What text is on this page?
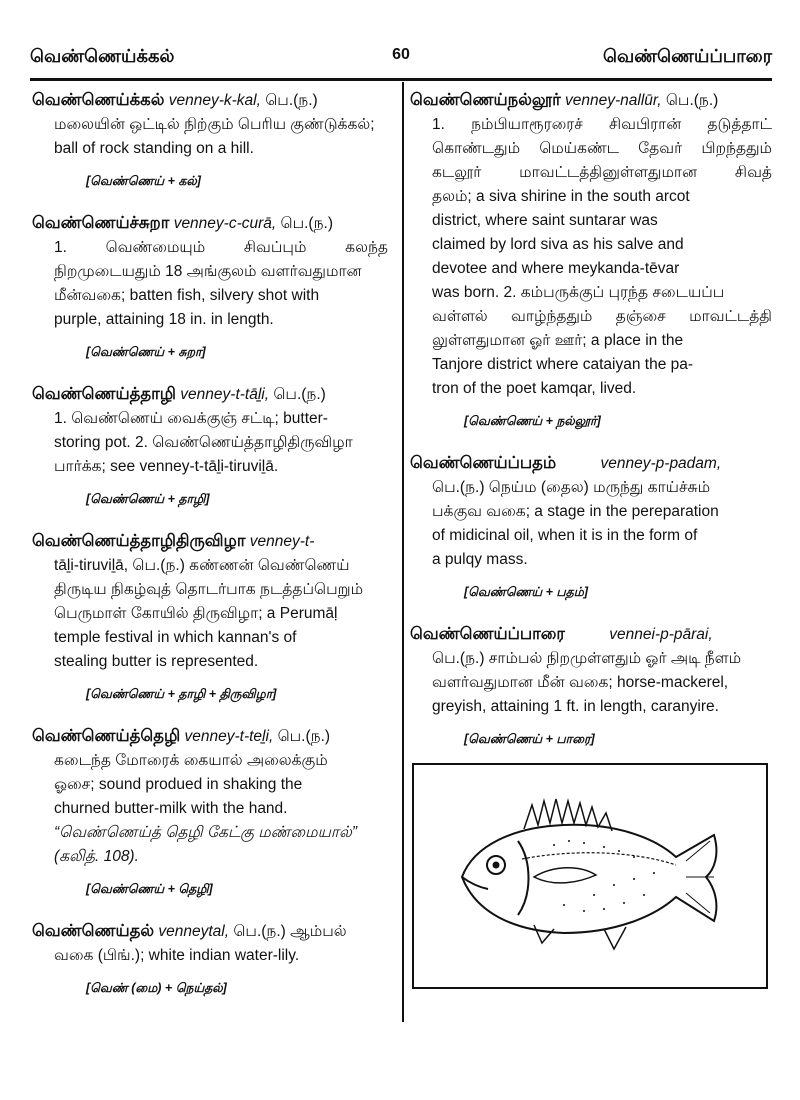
வெண்ணெய்க்கல்	60	வெண்ணெய்ப்பாரை
வெண்ணெய்க்கல் venney-k-kal, பெ.(ந.)
மலையின் ஒட்டில் நிற்கும் பெரிய குண்டுக்கல்;
ball of rock standing on a hill.
[வெண்ணெய் + கல்]
வெண்ணெய்ச்சுறா venney-c-curā, பெ.(ந.)
1. வெண்மையும் சிவப்பும் கலந்த
நிறமுடையதும் 18 அங்குலம் வளர்வதுமான
மீன்வகை; batten fish, silvery shot with
purple, attaining 18 in. in length.
[வெண்ணெய் + சுறா]
வெண்ணெய்த்தாழி venney-t-tāḻi, பெ.(ந.)
1. வெண்ணெய் வைக்குஞ் சட்டி; butter-
storing pot. 2. வெண்ணெய்த்தாழிதிருவிழா
பார்க்க; see venney-t-tāḻi-tiruviḻā.
[வெண்ணெய் + தாழி]
வெண்ணெய்த்தாழிதிருவிழா venney-t-
tāḻi-tiruviḻā, பெ.(ந.) கண்ணன் வெண்ணெய்
திருடிய நிகழ்வுத் தொடர்பாக நடத்தப்பெறும்
பெருமாள் கோயில் திருவிழா; a Perumāḷ
temple festival in which kannan's of
stealing butter is represented.
[வெண்ணெய் + தாழி + திருவிழா]
வெண்ணெய்த்தெழி venney-t-teḻi, பெ.(ந.)
கடைந்த மோரைக் கையால் அலைக்கும்
ஓசை; sound produed in shaking the
churned butter-milk with the hand.
“வெண்ணெய்த் தெழி கேட்கு மண்மையால்”
(கலித். 108).
[வெண்ணெய் + தெழி]
வெண்ணெய்தல் venneytal, பெ.(ந.) ஆம்பல்
வகை (பிங்.); white indian water-lily.
[வெண் (மை) + நெய்தல்]
வெண்ணெய்நல்லூர் venney-nallūr, பெ.(ந.)
1. நம்பியாரூரரைச் சிவபிரான் தடுத்தாட்
கொண்டதும் மெய்கண்ட தேவர் பிறந்ததும்
கடலூர் மாவட்டத்தினுள்ளதுமான சிவத்
தலம்; a siva shirine in the south arcot
district, where saint suntarar was
claimed by lord siva as his salve and
devotee and where meykanda-tēvar
was born. 2. கம்பருக்குப் புரந்த சடையப்ப
வள்ளல் வாழ்ந்ததும் தஞ்சை மாவட்டத்தி
லுள்ளதுமான ஓர் ஊர்; a place in the
Tanjore district where cataiyan the pa-
tron of the poet kamqar, lived.
[வெண்ணெய் + நல்லூர்]
வெண்ணெய்ப்பதம்	venney-p-padam,
பெ.(ந.) நெய்ம (தைல) மருந்து காய்ச்சும்
பக்குவ வகை; a stage in the pereparation
of midicinal oil, when it is in the form of
a pulqy mass.
[வெண்ணெய் + பதம்]
வெண்ணெய்ப்பாரை	vennei-p-pārai,
பெ.(ந.) சாம்பல் நிறமுள்ளதும் ஓர் அடி நீளம்
வளர்வதுமான மீன் வகை; horse-mackerel,
greyish, attaining 1 ft. in length, caranyire.
[வெண்ணெய் + பாரை]
